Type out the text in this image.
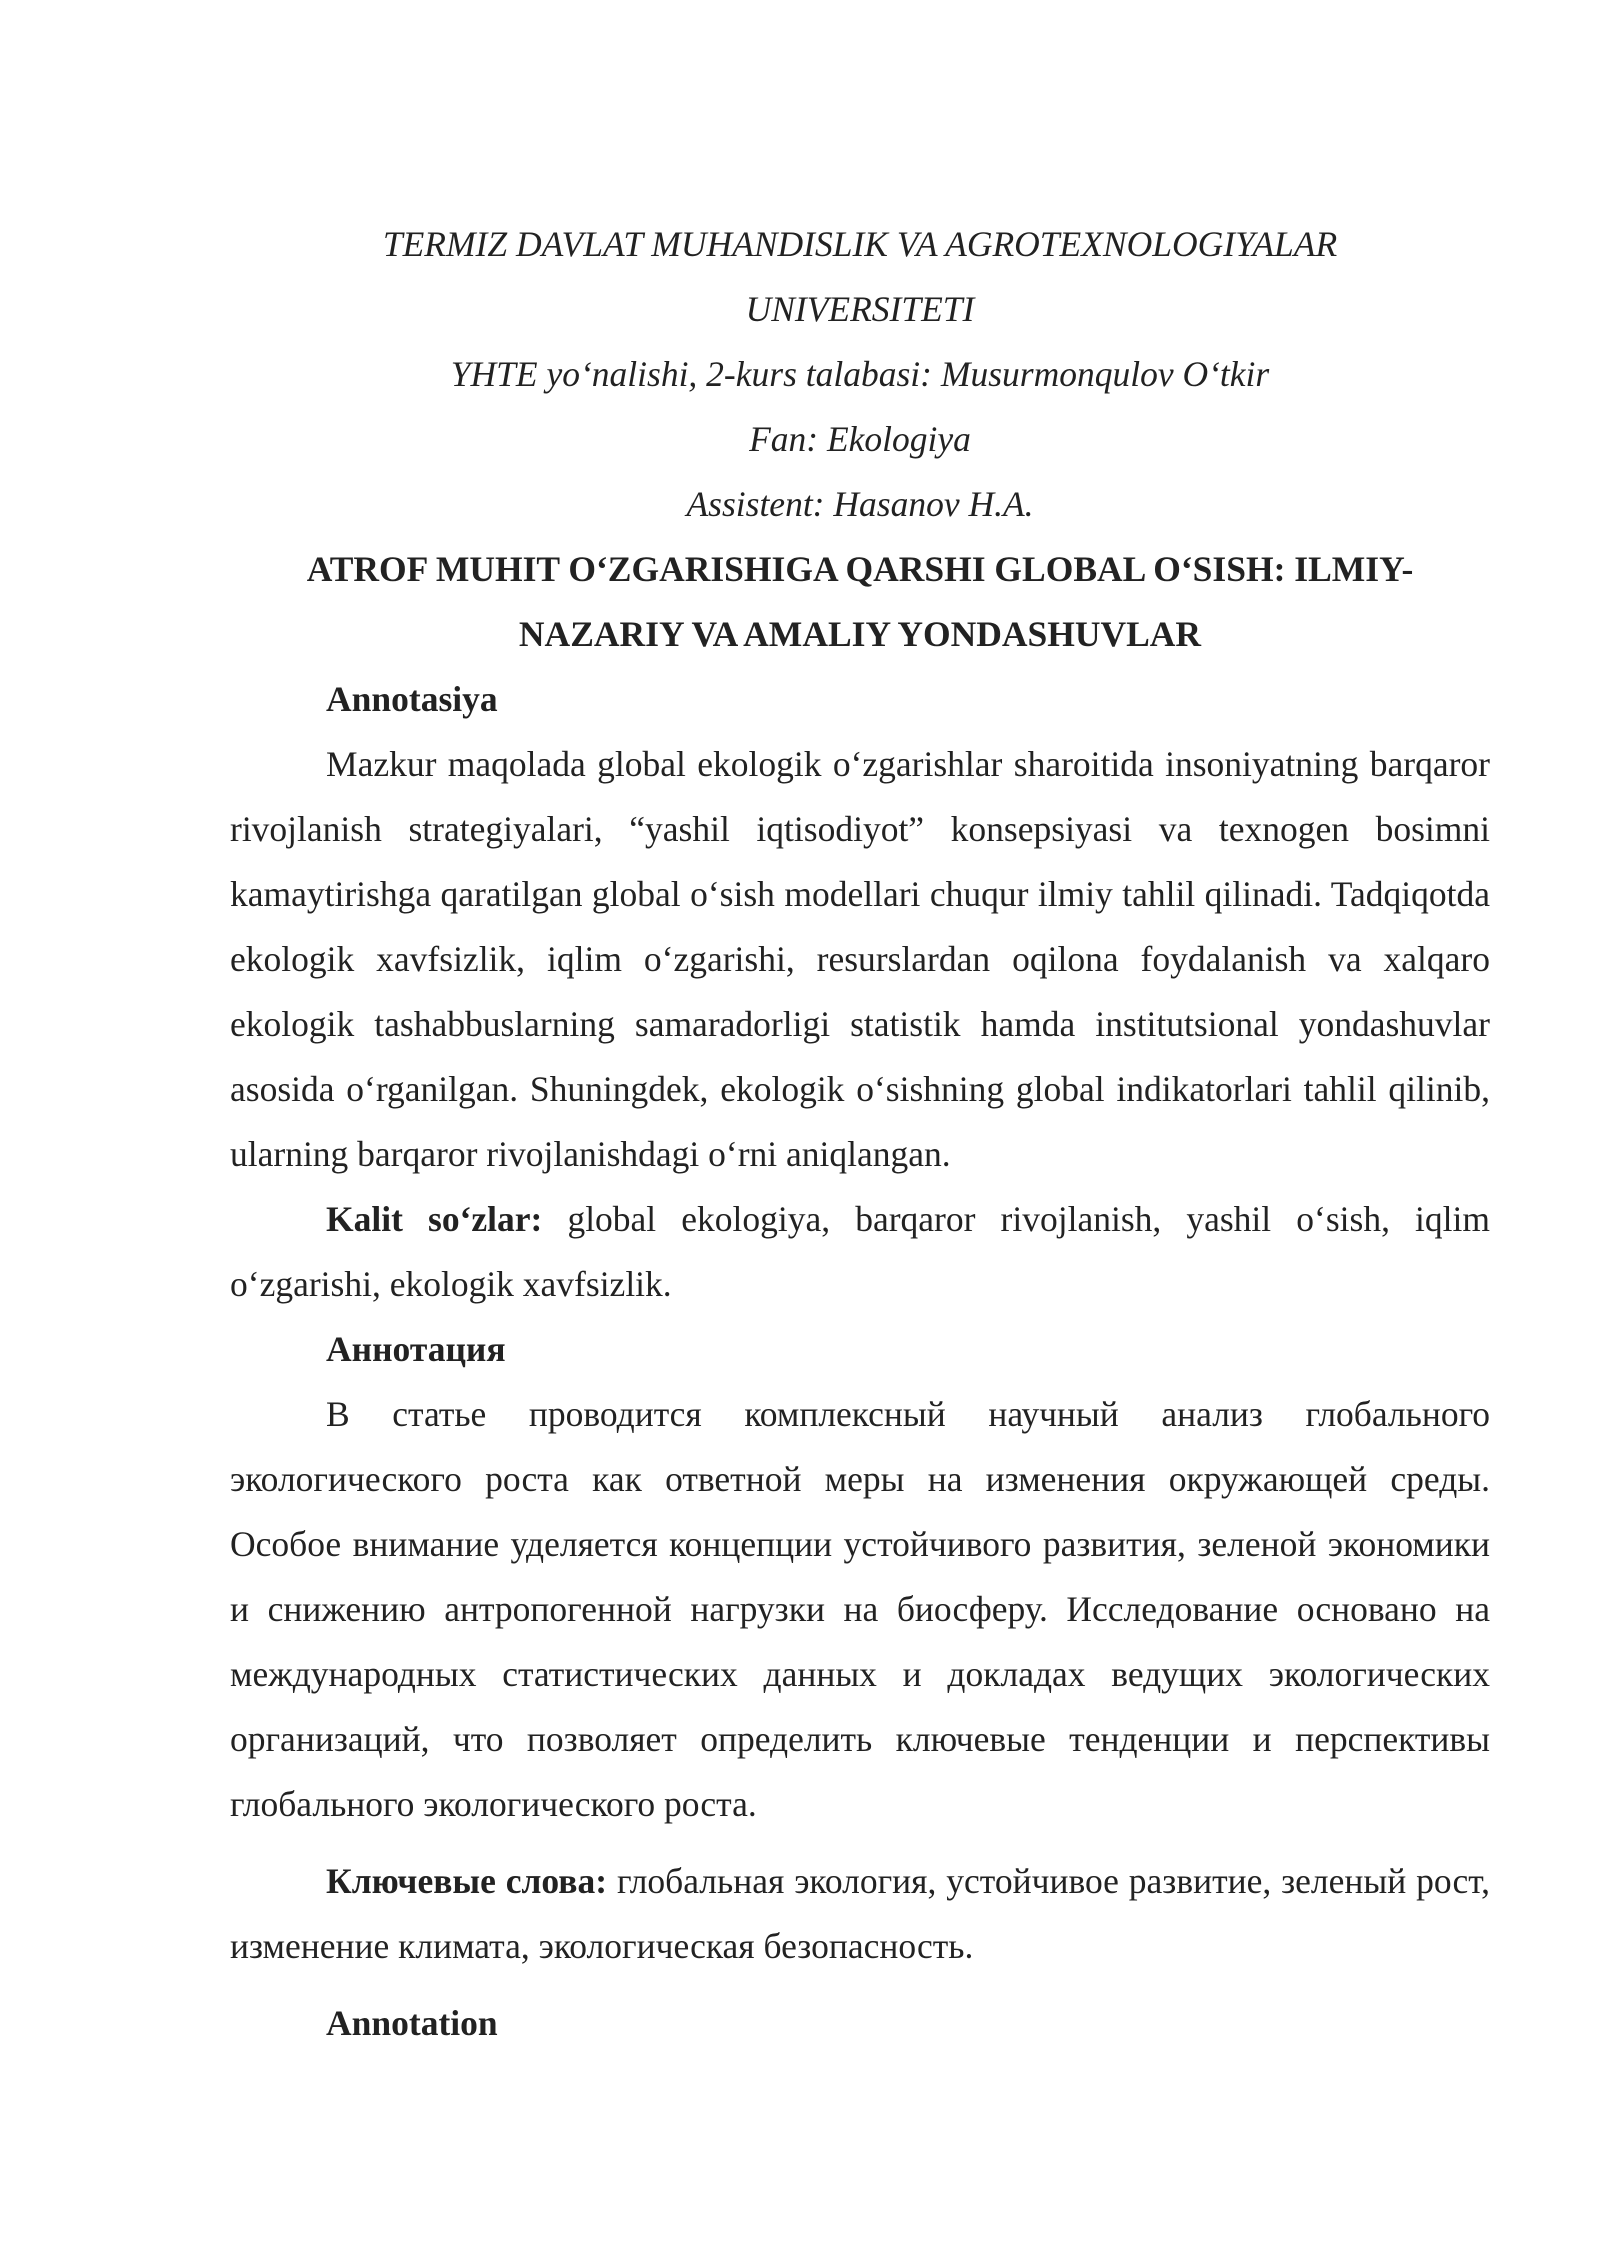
TERMIZ DAVLAT MUHANDISLIK VA AGROTEXNOLOGIYALAR

UNIVERSITETI

YHTE yo‘nalishi, 2-kurs talabasi: Musurmonqulov O‘tkir

Fan: Ekologiya

Assistent: Hasanov H.A.

ATROF MUHIT O‘ZGARISHIGA QARSHI GLOBAL O‘SISH: ILMIY-

NAZARIY VA AMALIY YONDASHUVLAR

Annotasiya

Mazkur maqolada global ekologik o‘zgarishlar sharoitida insoniyatning barqaror rivojlanish strategiyalari, “yashil iqtisodiyot” konsepsiyasi va texnogen bosimni kamaytirishga qaratilgan global o‘sish modellari chuqur ilmiy tahlil qilinadi. Tadqiqotda ekologik xavfsizlik, iqlim o‘zgarishi, resurslardan oqilona foydalanish va xalqaro ekologik tashabbuslarning samaradorligi statistik hamda institutsional yondashuvlar asosida o‘rganilgan. Shuningdek, ekologik o‘sishning global indikatorlari tahlil qilinib, ularning barqaror rivojlanishdagi o‘rni aniqlangan.

Kalit so‘zlar: global ekologiya, barqaror rivojlanish, yashil o‘sish, iqlim o‘zgarishi, ekologik xavfsizlik.

Аннотация

В статье проводится комплексный научный анализ глобального экологического роста как ответной меры на изменения окружающей среды. Особое внимание уделяется концепции устойчивого развития, зеленой экономики и снижению антропогенной нагрузки на биосферу. Исследование основано на международных статистических данных и докладах ведущих экологических организаций, что позволяет определить ключевые тенденции и перспективы глобального экологического роста.

Ключевые слова: глобальная экология, устойчивое развитие, зеленый рост, изменение климата, экологическая безопасность.

Annotation
